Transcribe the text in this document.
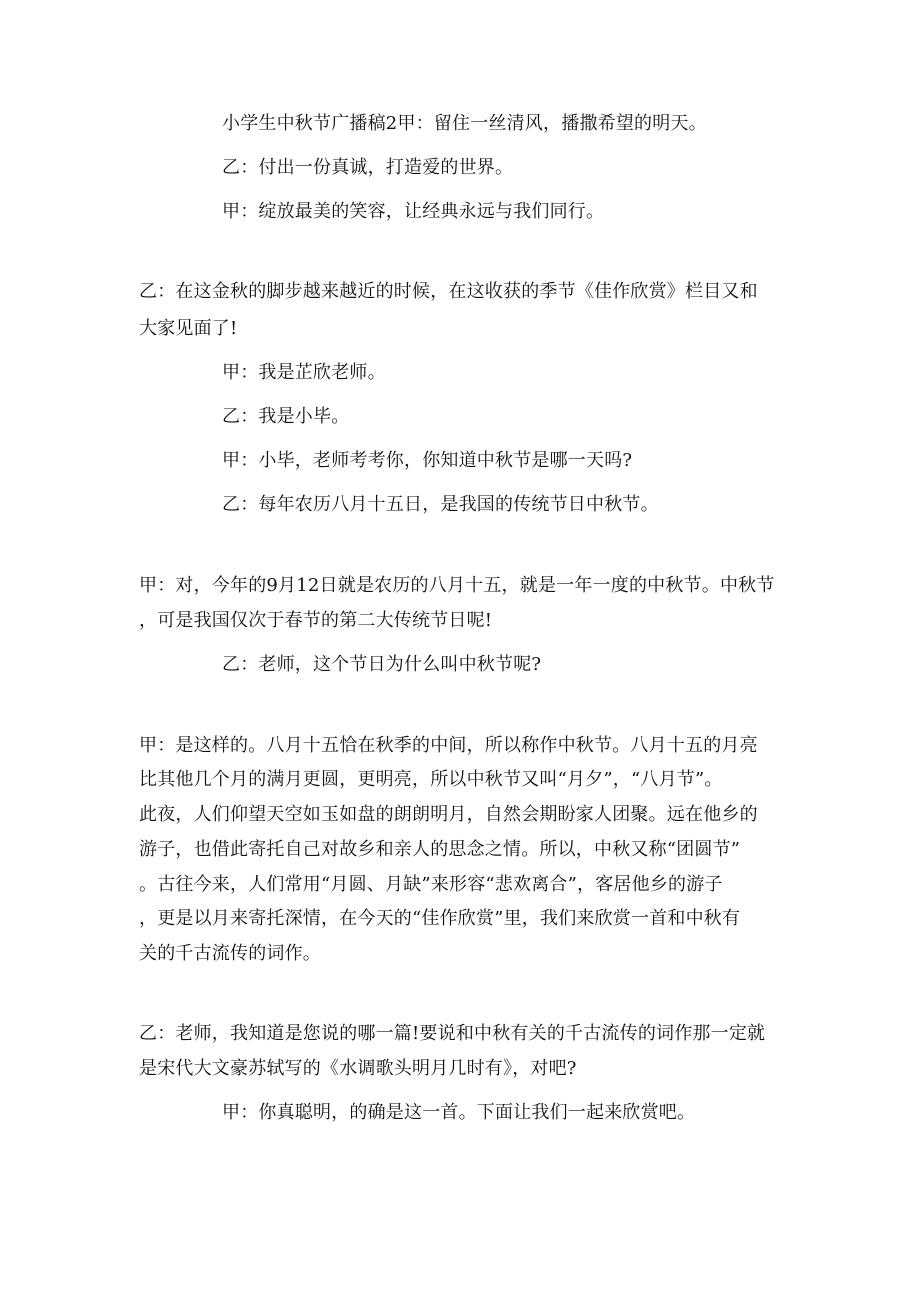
小学生中秋节广播稿2甲：留住一丝清风，播撒希望的明天。
乙：付出一份真诚，打造爱的世界。
甲：绽放最美的笑容，让经典永远与我们同行。
乙：在这金秋的脚步越来越近的时候，在这收获的季节《佳作欣赏》栏目又和
大家见面了!
甲：我是芷欣老师。
乙：我是小毕。
甲：小毕，老师考考你，你知道中秋节是哪一天吗?
乙：每年农历八月十五日，是我国的传统节日中秋节。
甲：对，今年的9月12日就是农历的八月十五，就是一年一度的中秋节。中秋节
，可是我国仅次于春节的第二大传统节日呢!
乙：老师，这个节日为什么叫中秋节呢?
甲：是这样的。八月十五恰在秋季的中间，所以称作中秋节。八月十五的月亮
比其他几个月的满月更圆，更明亮，所以中秋节又叫“月夕”，“八月节”。
此夜，人们仰望天空如玉如盘的朗朗明月，自然会期盼家人团聚。远在他乡的
游子，也借此寄托自己对故乡和亲人的思念之情。所以，中秋又称“团圆节”
。古往今来，人们常用“月圆、月缺”来形容“悲欢离合”，客居他乡的游子
，更是以月来寄托深情，在今天的“佳作欣赏”里，我们来欣赏一首和中秋有
关的千古流传的词作。
乙：老师，我知道是您说的哪一篇!要说和中秋有关的千古流传的词作那一定就
是宋代大文豪苏轼写的《水调歌头明月几时有》，对吧?
甲：你真聪明，的确是这一首。下面让我们一起来欣赏吧。
